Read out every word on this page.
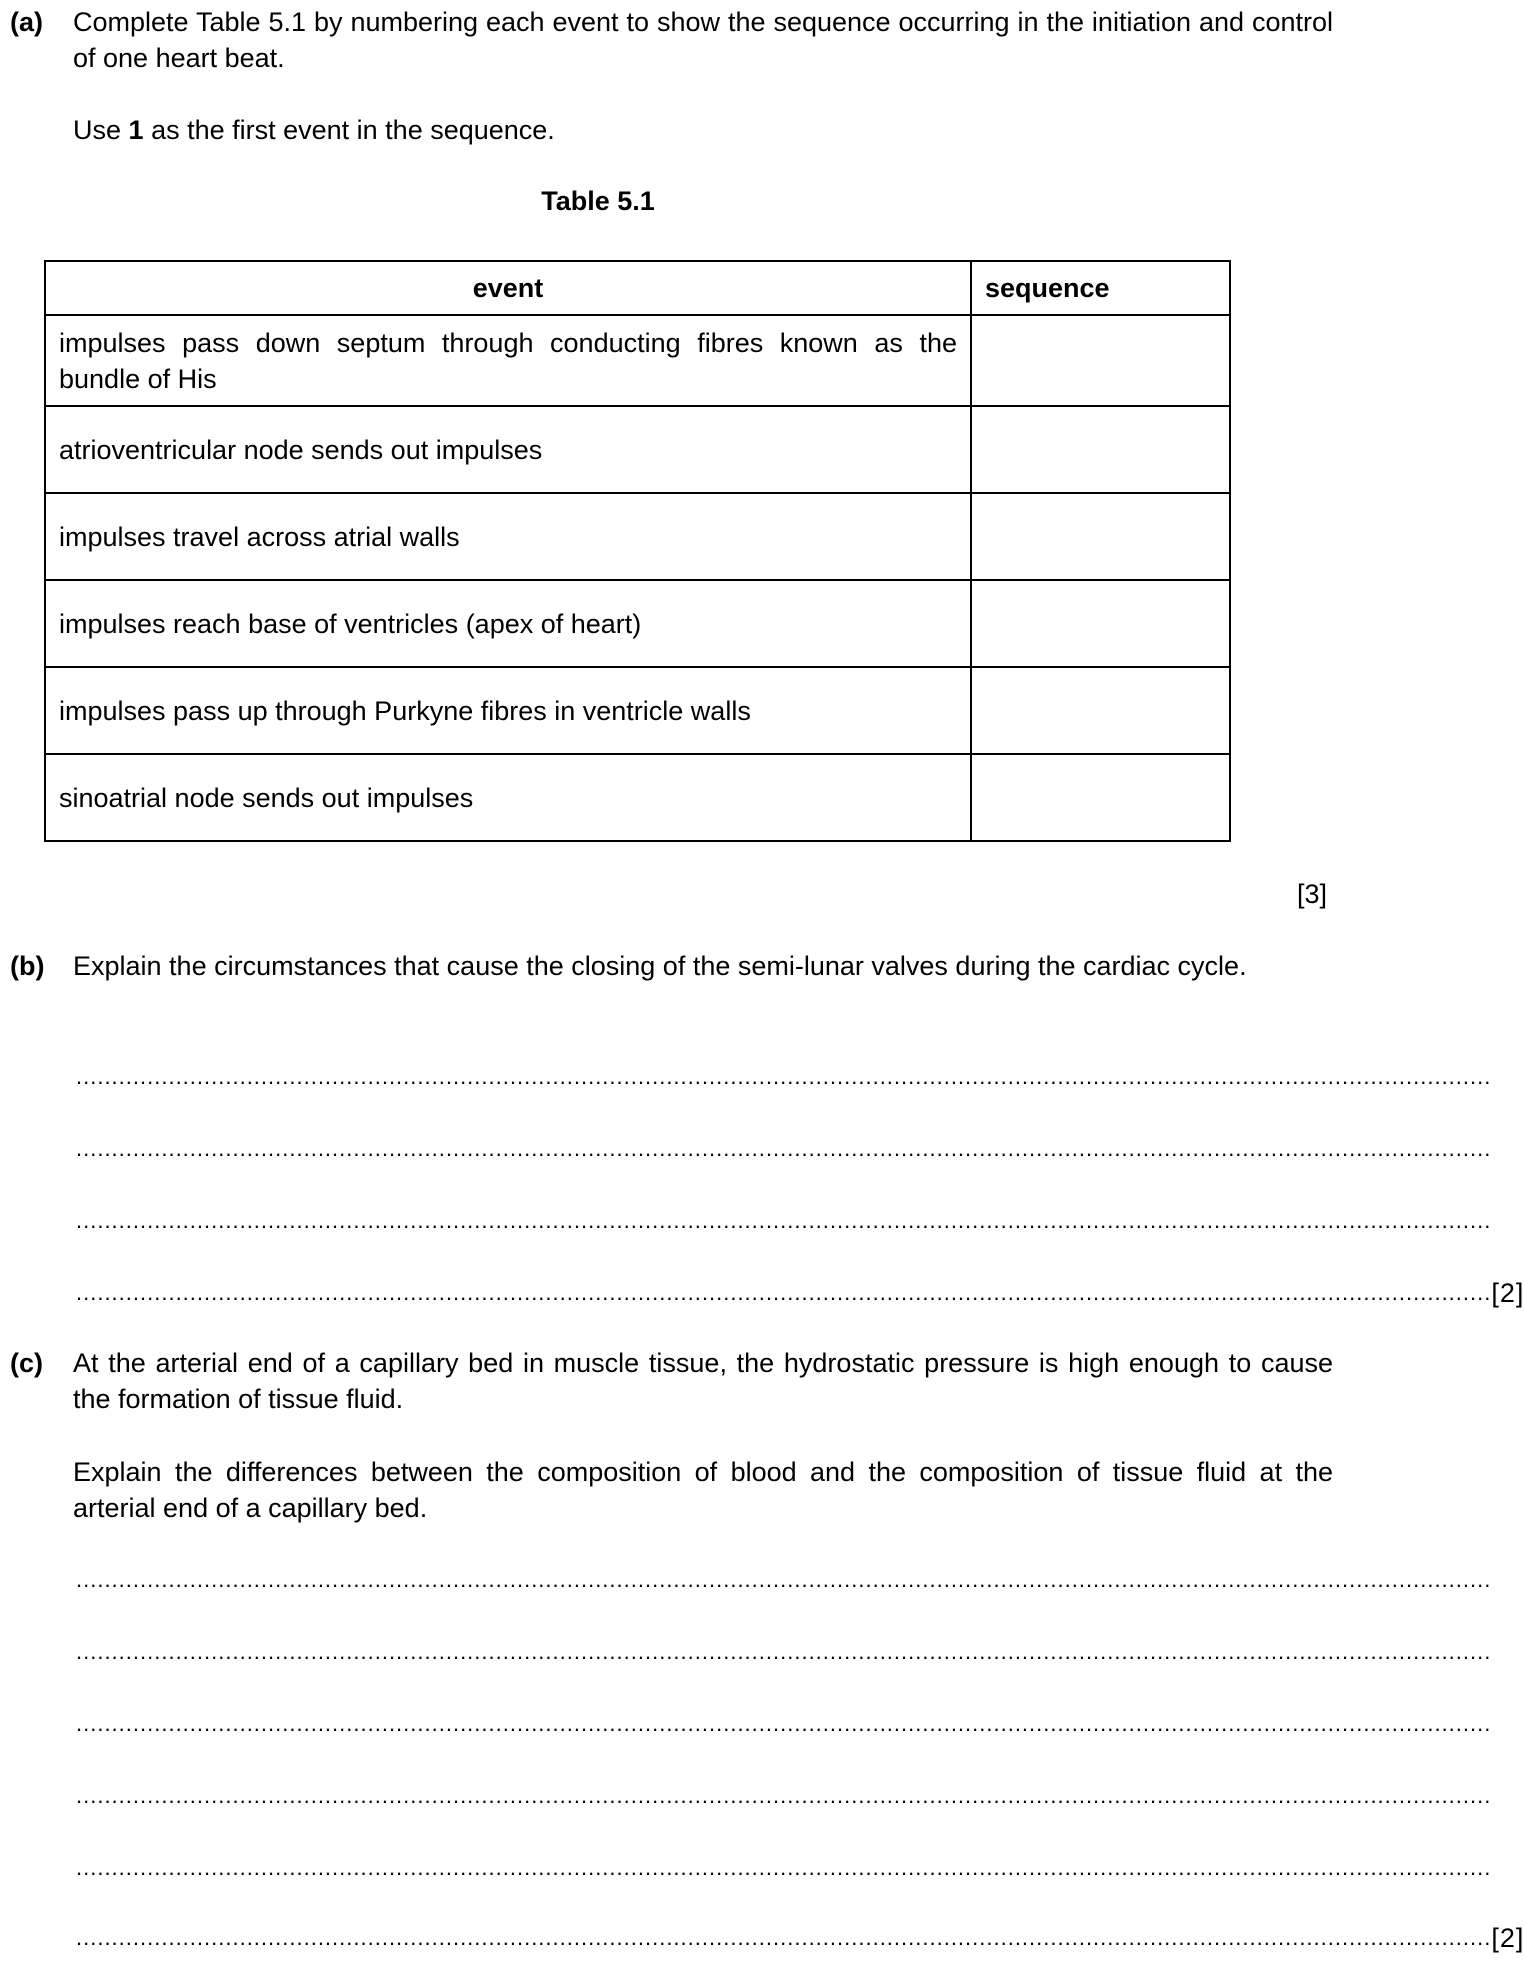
(a) Complete Table 5.1 by numbering each event to show the sequence occurring in the initiation and control of one heart beat.
Use 1 as the first event in the sequence.
Table 5.1
event	sequence
impulses pass down septum through conducting fibres known as the bundle of His	
atrioventricular node sends out impulses	
impulses travel across atrial walls	
impulses reach base of ventricles (apex of heart)	
impulses pass up through Purkyne fibres in ventricle walls	
sinoatrial node sends out impulses	
[3]
(b) Explain the circumstances that cause the closing of the semi-lunar valves during the cardiac cycle.
.......................................................................................................................................................................................................
.......................................................................................................................................................................................................
.......................................................................................................................................................................................................
....................................................................................................................................................................................................... [2]
(c) At the arterial end of a capillary bed in muscle tissue, the hydrostatic pressure is high enough to cause the formation of tissue fluid.
Explain the differences between the composition of blood and the composition of tissue fluid at the arterial end of a capillary bed.
.......................................................................................................................................................................................................
.......................................................................................................................................................................................................
.......................................................................................................................................................................................................
.......................................................................................................................................................................................................
.......................................................................................................................................................................................................
....................................................................................................................................................................................................... [2]
